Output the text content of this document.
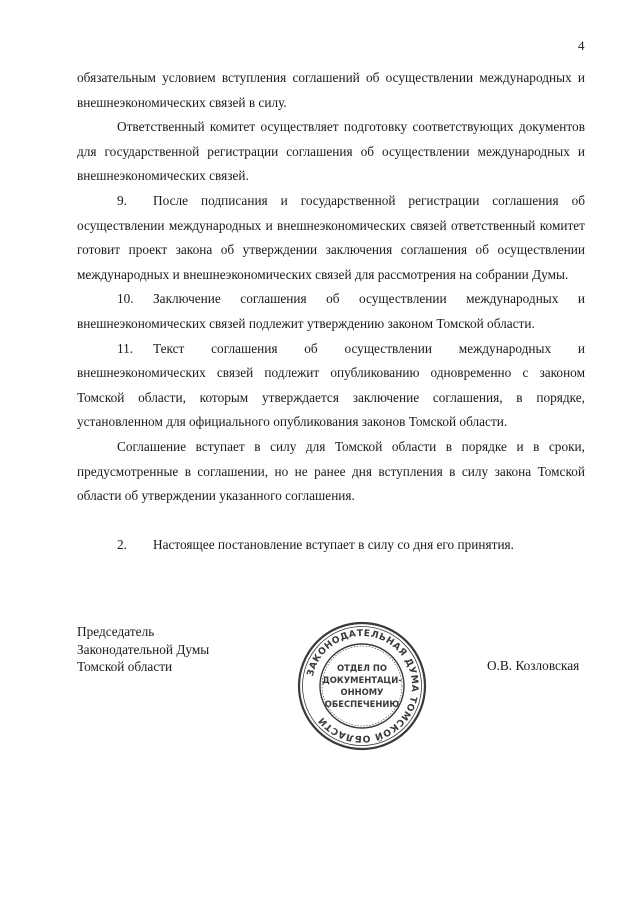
4

обязательным условием вступления соглашений об осуществлении международных и внешнеэкономических связей в силу.

Ответственный комитет осуществляет подготовку соответствующих документов для государственной регистрации соглашения об осуществлении международных и внешнеэкономических связей.

9. После подписания и государственной регистрации соглашения об осуществлении международных и внешнеэкономических связей ответственный комитет готовит проект закона об утверждении заключения соглашения об осуществлении международных и внешнеэкономических связей для рассмотрения на собрании Думы.

10. Заключение соглашения об осуществлении международных и внешнеэкономических связей подлежит утверждению законом Томской области.

11. Текст соглашения об осуществлении международных и внешнеэкономических связей подлежит опубликованию одновременно с законом Томской области, которым утверждается заключение соглашения, в порядке, установленном для официального опубликования законов Томской области.

Соглашение вступает в силу для Томской области в порядке и в сроки, предусмотренные в соглашении, но не ранее дня вступления в силу закона Томской области об утверждении указанного соглашения.

2. Настоящее постановление вступает в силу со дня его принятия.

Председатель
Законодательной Думы
Томской области	О.В. Козловская
ЗАКОНОДАТЕЛЬНАЯ ДУМА ТОМСКОЙ ОБЛАСТИ
ОТДЕЛ ПО
ДОКУМЕНТАЦИ-
ОННОМУ
ОБЕСПЕЧЕНИЮ
